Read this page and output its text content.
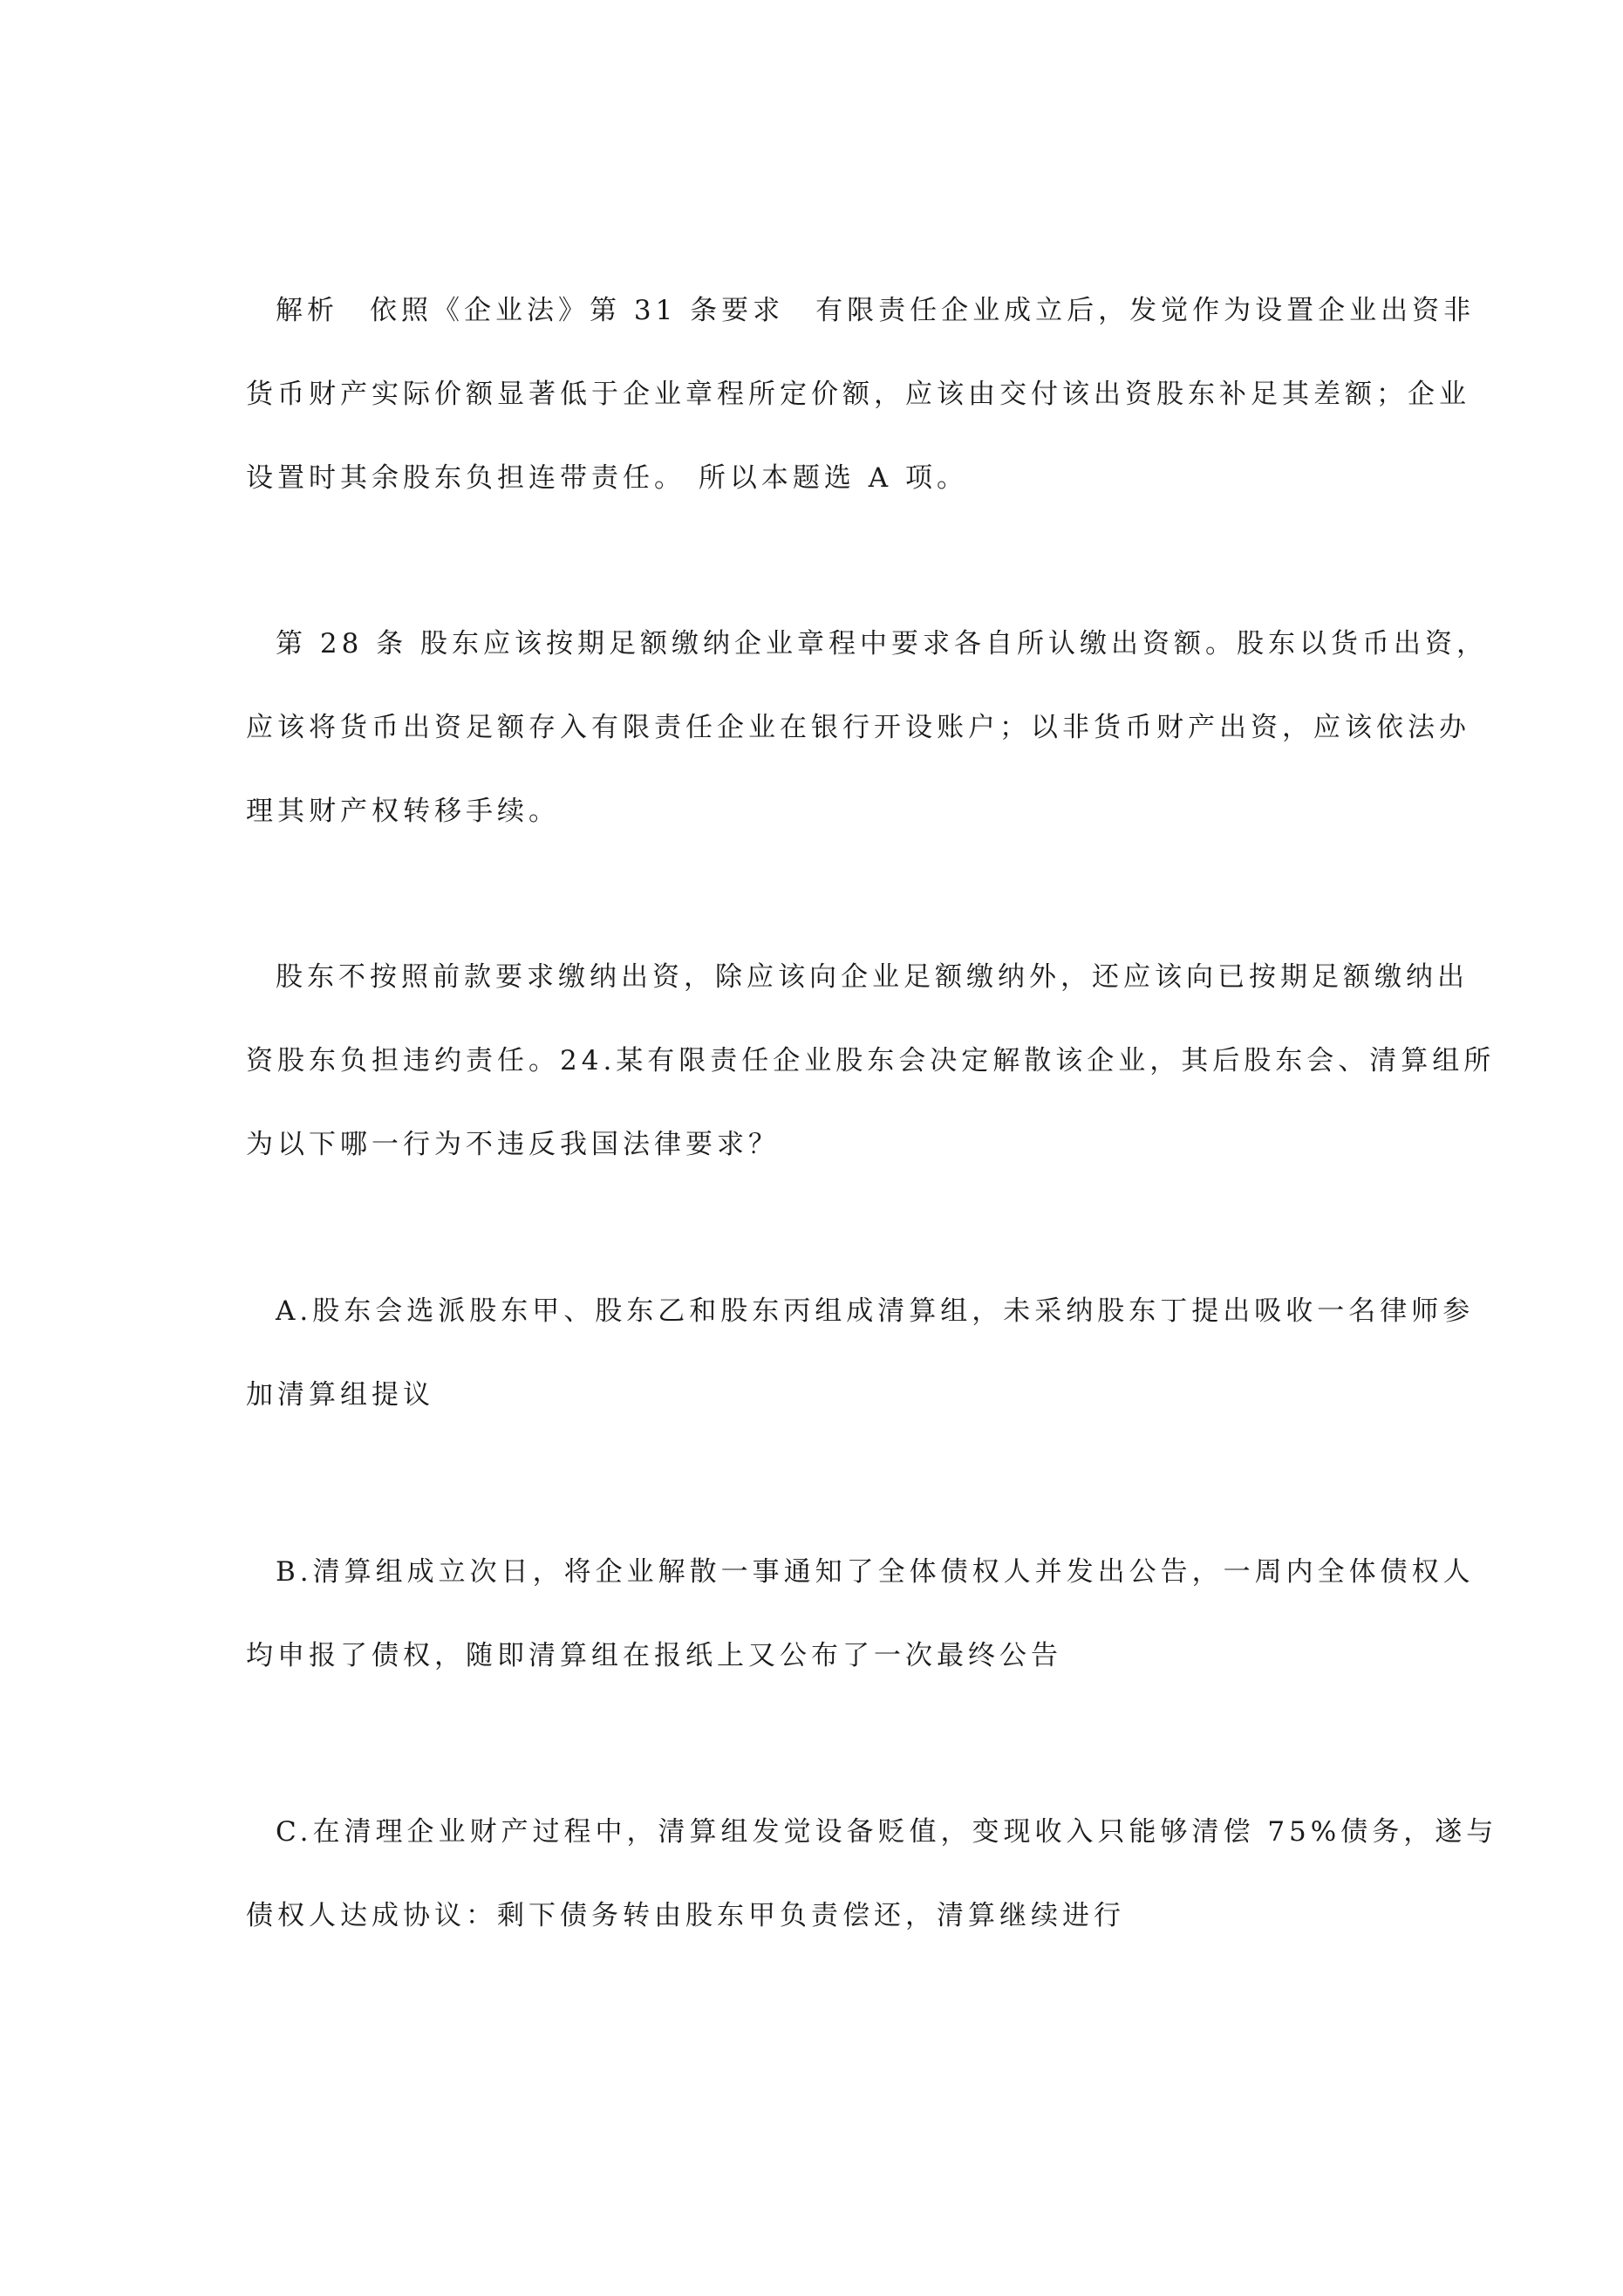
解析　依照《企业法》第 31 条要求　有限责任企业成立后，发觉作为设置企业出资非
货币财产实际价额显著低于企业章程所定价额，应该由交付该出资股东补足其差额；企业
设置时其余股东负担连带责任。 所以本题选 A 项。
第 28 条 股东应该按期足额缴纳企业章程中要求各自所认缴出资额。股东以货币出资，
应该将货币出资足额存入有限责任企业在银行开设账户；以非货币财产出资，应该依法办
理其财产权转移手续。
股东不按照前款要求缴纳出资，除应该向企业足额缴纳外，还应该向已按期足额缴纳出
资股东负担违约责任。24.某有限责任企业股东会决定解散该企业，其后股东会、清算组所
为以下哪一行为不违反我国法律要求？
A.股东会选派股东甲、股东乙和股东丙组成清算组，未采纳股东丁提出吸收一名律师参
加清算组提议
B.清算组成立次日，将企业解散一事通知了全体债权人并发出公告，一周内全体债权人
均申报了债权，随即清算组在报纸上又公布了一次最终公告
C.在清理企业财产过程中，清算组发觉设备贬值，变现收入只能够清偿 75%债务，遂与
债权人达成协议：剩下债务转由股东甲负责偿还，清算继续进行
